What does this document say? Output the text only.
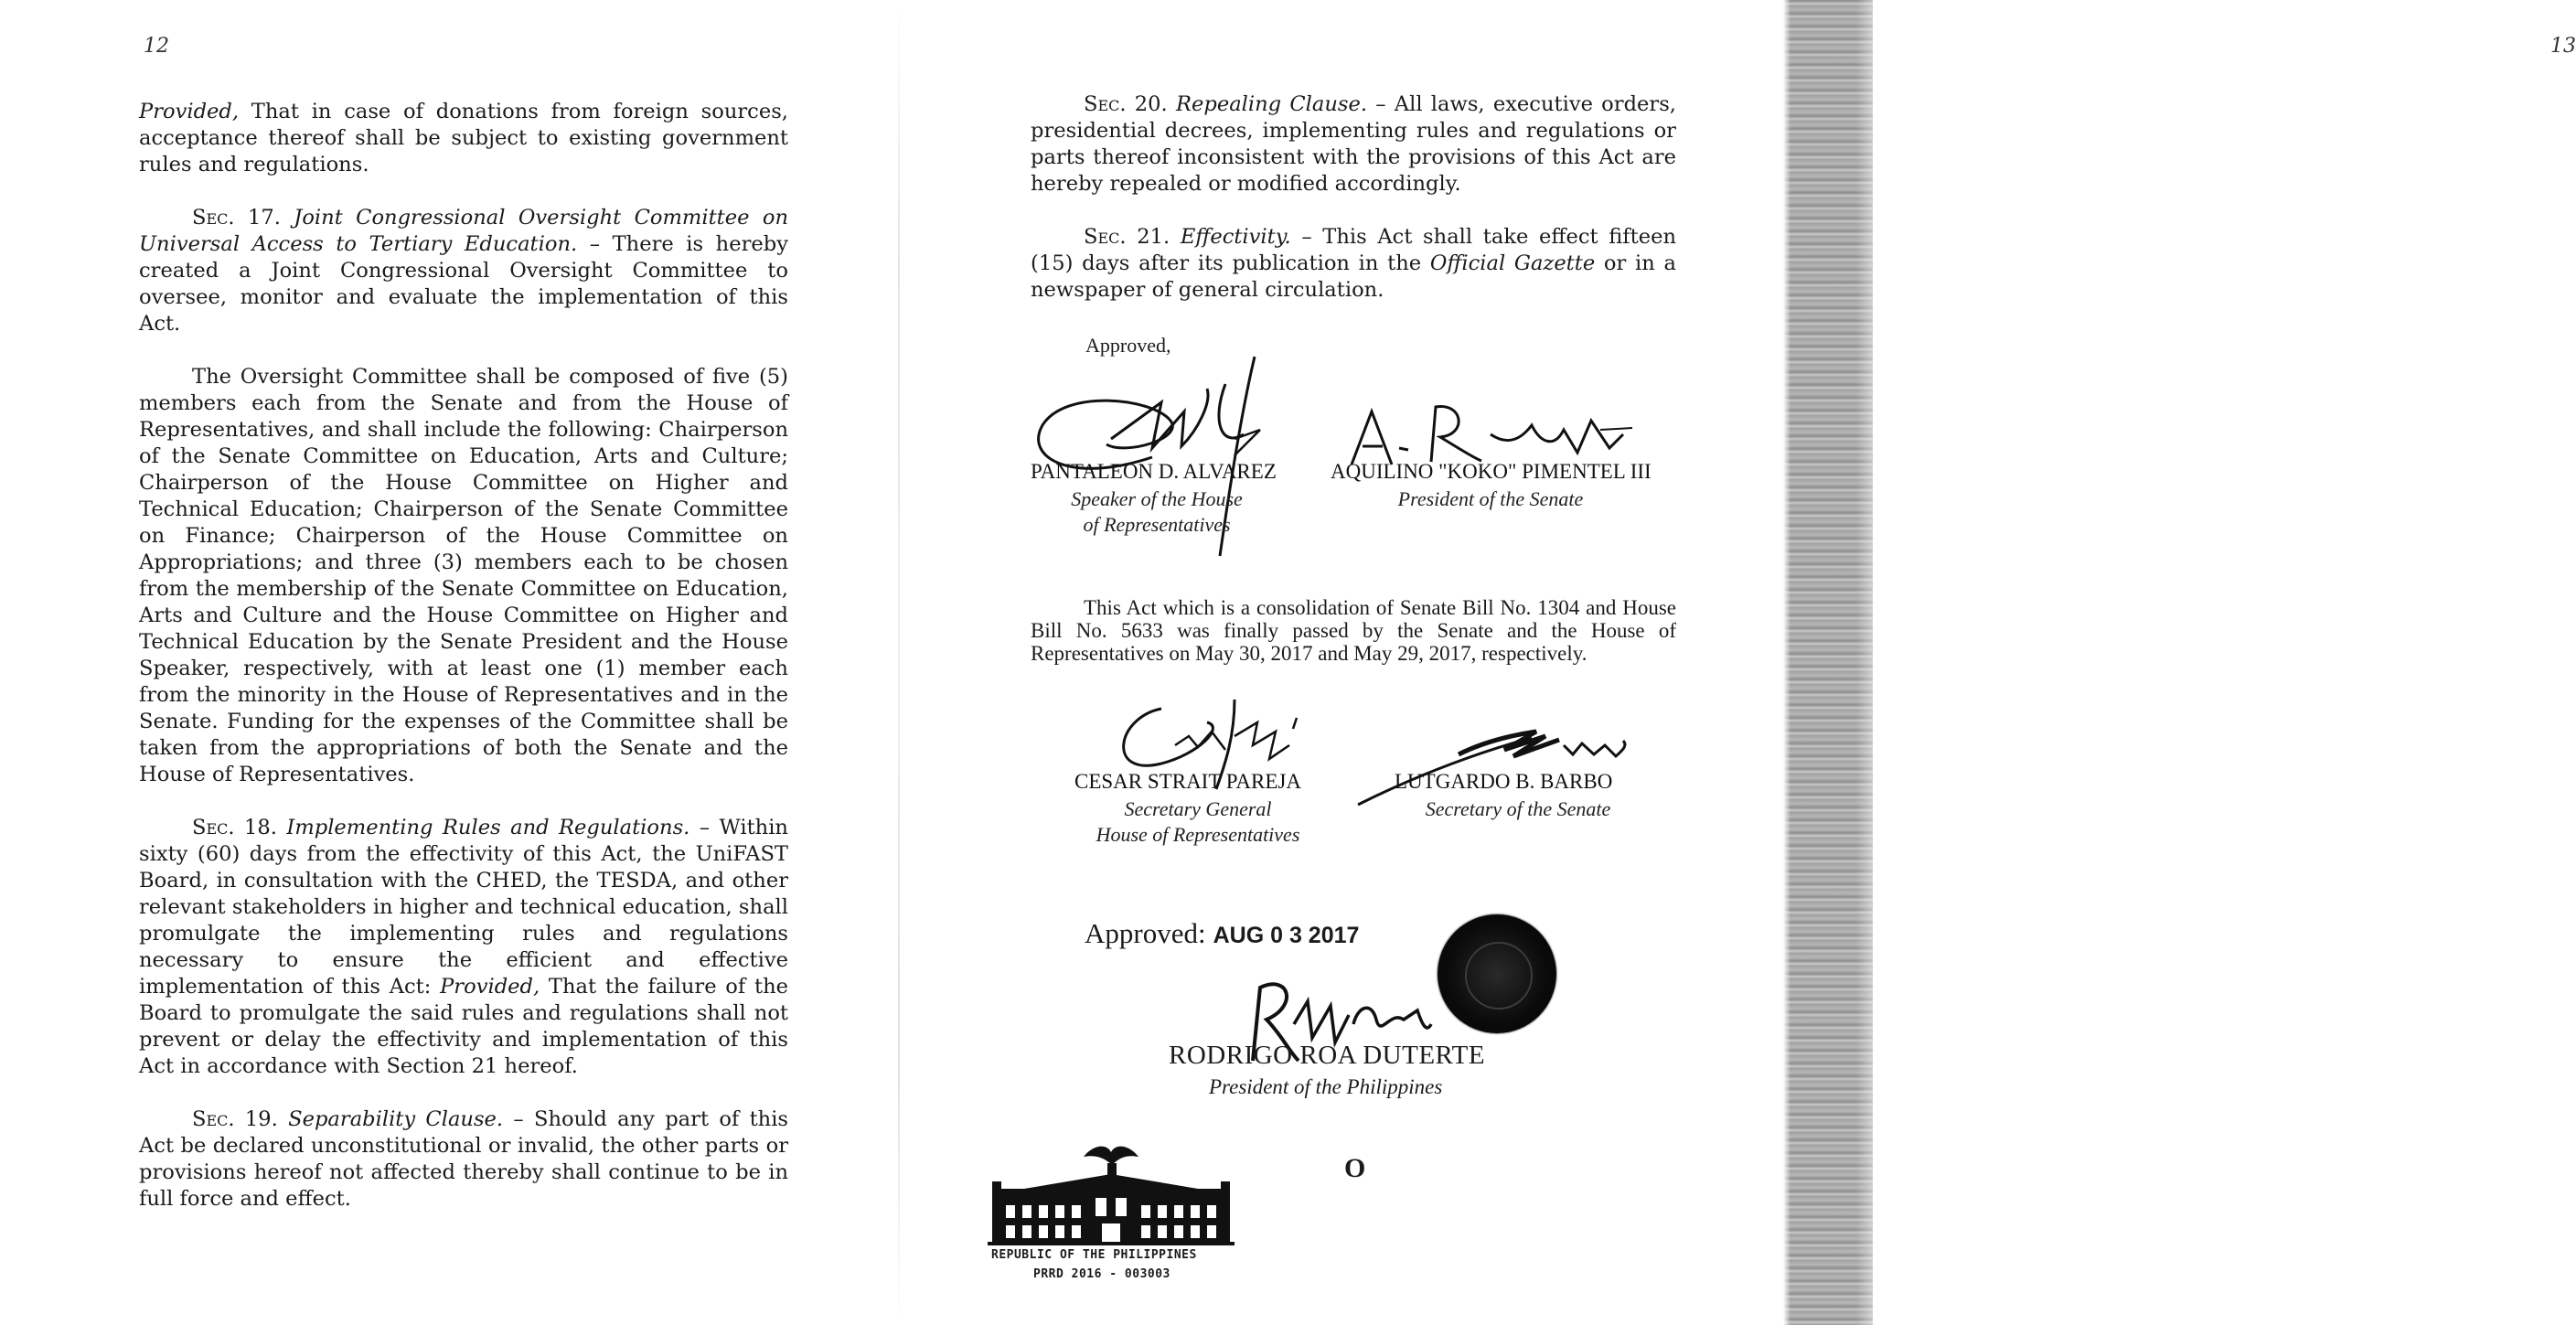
12

Provided, That in case of donations from foreign sources, acceptance thereof shall be subject to existing government rules and regulations.

Sec. 17. Joint Congressional Oversight Committee on Universal Access to Tertiary Education. – There is hereby created a Joint Congressional Oversight Committee to oversee, monitor and evaluate the implementation of this Act.

The Oversight Committee shall be composed of five (5) members each from the Senate and from the House of Representatives, and shall include the following: Chairperson of the Senate Committee on Education, Arts and Culture; Chairperson of the House Committee on Higher and Technical Education; Chairperson of the Senate Committee on Finance; Chairperson of the House Committee on Appropriations; and three (3) members each to be chosen from the membership of the Senate Committee on Education, Arts and Culture and the House Committee on Higher and Technical Education by the Senate President and the House Speaker, respectively, with at least one (1) member each from the minority in the House of Representatives and in the Senate. Funding for the expenses of the Committee shall be taken from the appropriations of both the Senate and the House of Representatives.

Sec. 18. Implementing Rules and Regulations. – Within sixty (60) days from the effectivity of this Act, the UniFAST Board, in consultation with the CHED, the TESDA, and other relevant stakeholders in higher and technical education, shall promulgate the implementing rules and regulations necessary to ensure the efficient and effective implementation of this Act: Provided, That the failure of the Board to promulgate the said rules and regulations shall not prevent or delay the effectivity and implementation of this Act in accordance with Section 21 hereof.

Sec. 19. Separability Clause. – Should any part of this Act be declared unconstitutional or invalid, the other parts or provisions hereof not affected thereby shall continue to be in full force and effect.

13

Sec. 20. Repealing Clause. – All laws, executive orders, presidential decrees, implementing rules and regulations or parts thereof inconsistent with the provisions of this Act are hereby repealed or modified accordingly.

Sec. 21. Effectivity. – This Act shall take effect fifteen (15) days after its publication in the Official Gazette or in a newspaper of general circulation.

Approved,
PANTALEON D. ALVAREZ
Speaker of the House
of Representatives
AQUILINO "KOKO" PIMENTEL III
President of the Senate

This Act which is a consolidation of Senate Bill No. 1304 and House Bill No. 5633 was finally passed by the Senate and the House of Representatives on May 30, 2017 and May 29, 2017, respectively.

CESAR STRAIT PAREJA
Secretary General
House of Representatives
LUTGARDO B. BARBO
Secretary of the Senate
Approved: AUG 0 3 2017
RODRIGO ROA DUTERTE
President of the Philippines
O
REPUBLIC OF THE PHILIPPINES
PRRD 2016 - 003003
